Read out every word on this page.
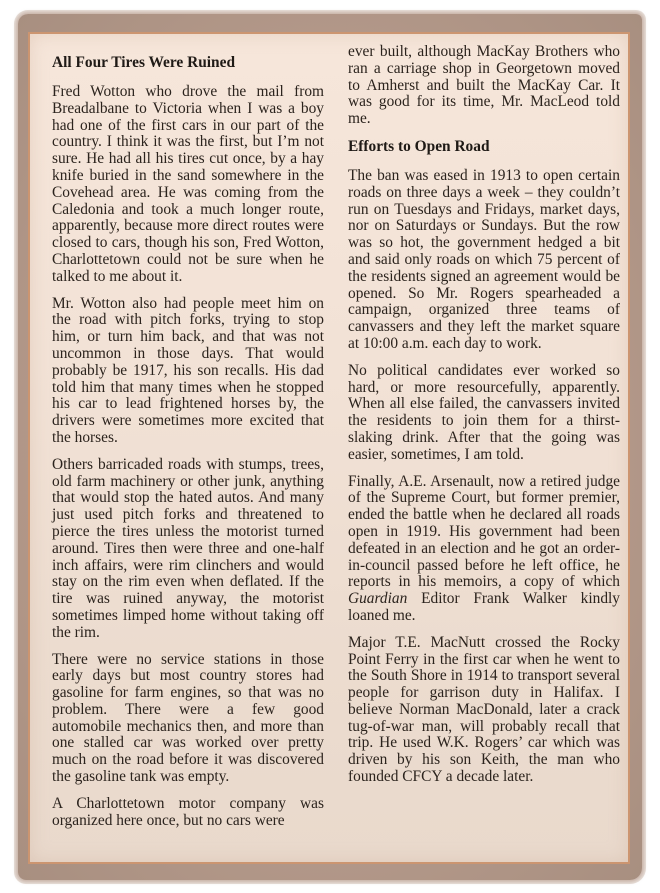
All Four Tires Were Ruined

Fred Wotton who drove the mail from Breadalbane to Victoria when I was a boy had one of the first cars in our part of the country. I think it was the first, but I’m not sure. He had all his tires cut once, by a hay knife buried in the sand somewhere in the Covehead area. He was coming from the Caledonia and took a much longer route, apparently, because more direct routes were closed to cars, though his son, Fred Wotton, Charlottetown could not be sure when he talked to me about it.

Mr. Wotton also had people meet him on the road with pitch forks, trying to stop him, or turn him back, and that was not uncommon in those days. That would probably be 1917, his son recalls. His dad told him that many times when he stopped his car to lead frightened horses by, the drivers were sometimes more excited that the horses.

Others barricaded roads with stumps, trees, old farm machinery or other junk, anything that would stop the hated autos. And many just used pitch forks and threatened to pierce the tires unless the motorist turned around. Tires then were three and one-half inch affairs, were rim clinchers and would stay on the rim even when deflated. If the tire was ruined anyway, the motorist sometimes limped home without taking off the rim.

There were no service stations in those early days but most country stores had gasoline for farm engines, so that was no problem. There were a few good automobile mechanics then, and more than one stalled car was worked over pretty much on the road before it was discovered the gasoline tank was empty.

A Charlottetown motor company was organized here once, but no cars were

ever built, although MacKay Brothers who ran a carriage shop in Georgetown moved to Amherst and built the MacKay Car. It was good for its time, Mr. MacLeod told me.

Efforts to Open Road

The ban was eased in 1913 to open certain roads on three days a week – they couldn’t run on Tuesdays and Fridays, market days, nor on Saturdays or Sundays. But the row was so hot, the government hedged a bit and said only roads on which 75 percent of the residents signed an agreement would be opened. So Mr. Rogers spearheaded a campaign, organized three teams of canvassers and they left the market square at 10:00 a.m. each day to work.

No political candidates ever worked so hard, or more resourcefully, apparently. When all else failed, the canvassers invited the residents to join them for a thirst-slaking drink. After that the going was easier, sometimes, I am told.

Finally, A.E. Arsenault, now a retired judge of the Supreme Court, but former premier, ended the battle when he declared all roads open in 1919. His government had been defeated in an election and he got an order-in-council passed before he left office, he reports in his memoirs, a copy of which Guardian Editor Frank Walker kindly loaned me.

Major T.E. MacNutt crossed the Rocky Point Ferry in the first car when he went to the South Shore in 1914 to transport several people for garrison duty in Halifax. I believe Norman MacDonald, later a crack tug-of-war man, will probably recall that trip. He used W.K. Rogers’ car which was driven by his son Keith, the man who founded CFCY a decade later.
